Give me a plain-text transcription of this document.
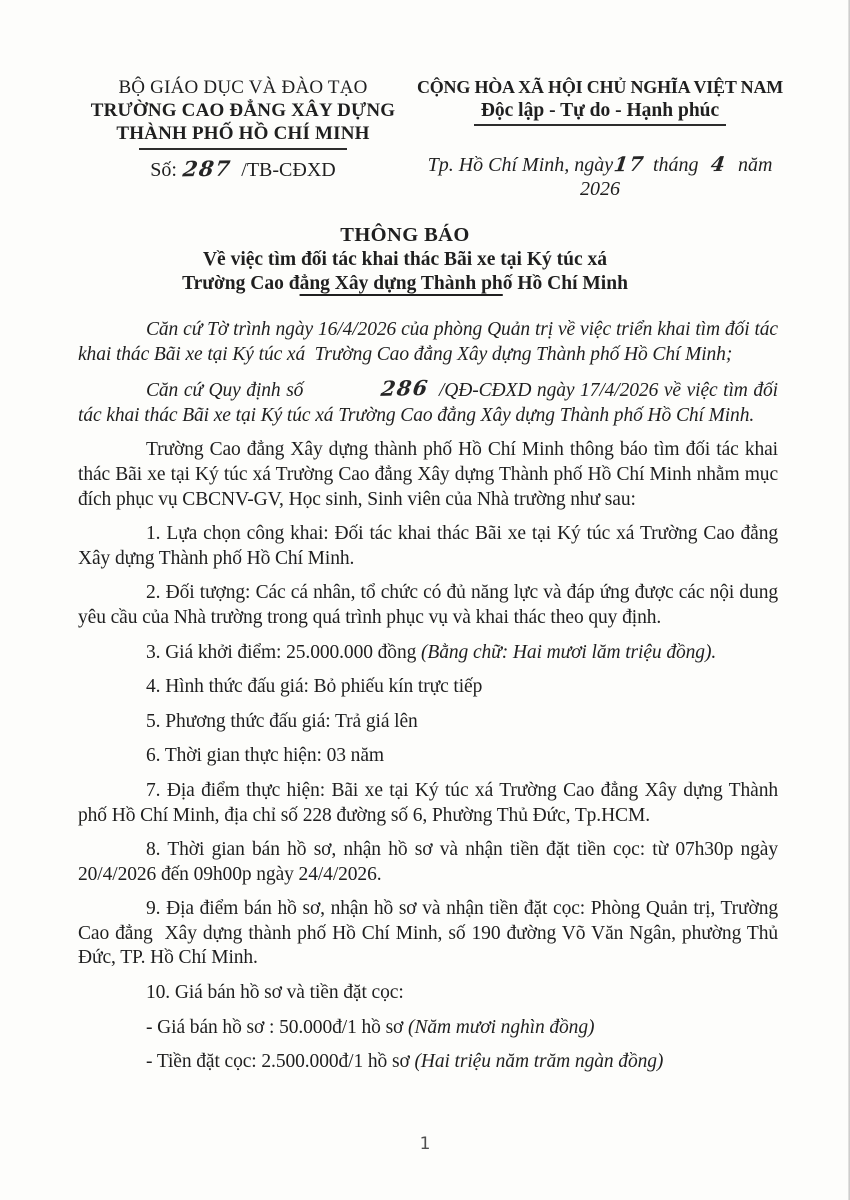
BỘ GIÁO DỤC VÀ ĐÀO TẠO
TRƯỜNG CAO ĐẲNG XÂY DỰNG
THÀNH PHỐ HỒ CHÍ MINH
Số: 287 /TB-CĐXD
CỘNG HÒA XÃ HỘI CHỦ NGHĨA VIỆT NAM
Độc lập - Tự do - Hạnh phúc
Tp. Hồ Chí Minh, ngày17 tháng 4 năm 2026
THÔNG BÁO
Về việc tìm đối tác khai thác Bãi xe tại Ký túc xá
Trường Cao đẳng Xây dựng Thành phố Hồ Chí Minh

Căn cứ Tờ trình ngày 16/4/2026 của phòng Quản trị về việc triển khai tìm đối tác khai thác Bãi xe tại Ký túc xá  Trường Cao đẳng Xây dựng Thành phố Hồ Chí Minh;

Căn cứ Quy định số	286 /QĐ-CĐXD ngày 17/4/2026 về việc tìm đối tác khai thác Bãi xe tại Ký túc xá Trường Cao đẳng Xây dựng Thành phố Hồ Chí Minh.

Trường Cao đẳng Xây dựng thành phố Hồ Chí Minh thông báo tìm đối tác khai thác Bãi xe tại Ký túc xá Trường Cao đẳng Xây dựng Thành phố Hồ Chí Minh nhằm mục đích phục vụ CBCNV-GV, Học sinh, Sinh viên của Nhà trường như sau:

1. Lựa chọn công khai: Đối tác khai thác Bãi xe tại Ký túc xá Trường Cao đẳng Xây dựng Thành phố Hồ Chí Minh.

2. Đối tượng: Các cá nhân, tổ chức có đủ năng lực và đáp ứng được các nội dung yêu cầu của Nhà trường trong quá trình phục vụ và khai thác theo quy định.

3. Giá khởi điểm: 25.000.000 đồng (Bằng chữ: Hai mươi lăm triệu đồng).

4. Hình thức đấu giá: Bỏ phiếu kín trực tiếp

5. Phương thức đấu giá: Trả giá lên

6. Thời gian thực hiện: 03 năm

7. Địa điểm thực hiện: Bãi xe tại Ký túc xá Trường Cao đẳng Xây dựng Thành phố Hồ Chí Minh, địa chỉ số 228 đường số 6, Phường Thủ Đức, Tp.HCM.

8. Thời gian bán hồ sơ, nhận hồ sơ và nhận tiền đặt tiền cọc: từ 07h30p ngày 20/4/2026 đến 09h00p ngày 24/4/2026.

9. Địa điểm bán hồ sơ, nhận hồ sơ và nhận tiền đặt cọc: Phòng Quản trị, Trường Cao đẳng  Xây dựng thành phố Hồ Chí Minh, số 190 đường Võ Văn Ngân, phường Thủ Đức, TP. Hồ Chí Minh.

10. Giá bán hồ sơ và tiền đặt cọc:

- Giá bán hồ sơ : 50.000đ/1 hồ sơ (Năm mươi nghìn đồng)

- Tiền đặt cọc: 2.500.000đ/1 hồ sơ (Hai triệu năm trăm ngàn đồng)

1
